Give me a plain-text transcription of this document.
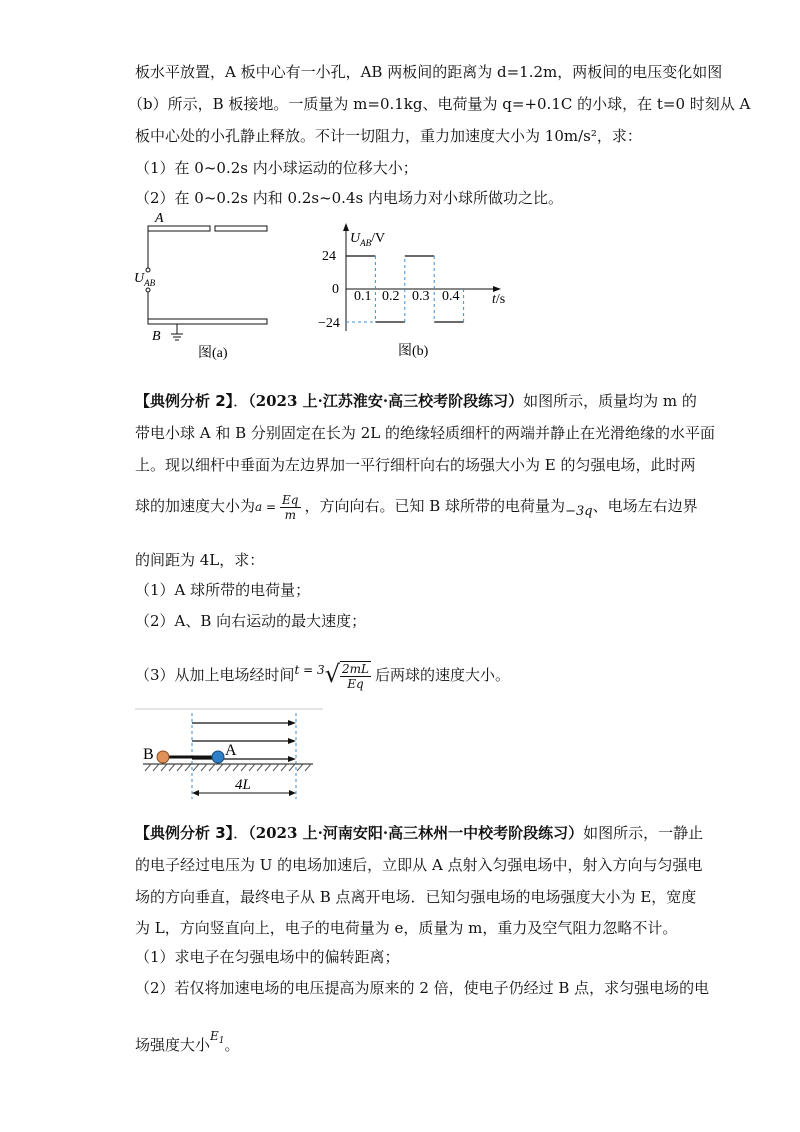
板水平放置，A 板中心有一小孔，AB 两板间的距离为 d=1.2m，两板间的电压变化如图
（b）所示，B 板接地。一质量为 m=0.1kg、电荷量为 q=+0.1C 的小球，在 t=0 时刻从 A
板中心处的小孔静止释放。不计一切阻力，重力加速度大小为 10m/s²，求：
（1）在 0~0.2s 内小球运动的位移大小；
（2）在 0~0.2s 内和 0.2s~0.4s 内电场力对小球所做功之比。
A
$U_{AB}$
B
图(a)
$U_{AB}/V$
t/s
24
0
−24
0.1 0.2 0.3 0.4
图(b)
【典例分析 2】．（2023 上·江苏淮安·高三校考阶段练习）如图所示，质量均为 m 的
带电小球 A 和 B 分别固定在长为 2L 的绝缘轻质细杆的两端并静止在光滑绝缘的水平面
上。现以细杆中垂面为左边界加一平行细杆向右的场强大小为 E 的匀强电场，此时两
球的加速度大小为$a = \frac{Eq}{m}$ ，方向向右。已知 B 球所带的电荷量为−3q、电场左右边界
的间距为 4L，求：
（1）A 球所带的电荷量；
（2）A、B 向右运动的最大速度；
（3）从加上电场经时间$^{t = 3}√ \frac{2mL}{Eq}$ 后两球的速度大小。
B	A
4L
【典例分析 3】．（2023 上·河南安阳·高三林州一中校考阶段练习）如图所示，一静止
的电子经过电压为 U 的电场加速后，立即从 A 点射入匀强电场中，射入方向与匀强电
场的方向垂直，最终电子从 B 点离开电场．已知匀强电场的电场强度大小为 E，宽度
为 L，方向竖直向上，电子的电荷量为 e，质量为 m，重力及空气阻力忽略不计。
（1）求电子在匀强电场中的偏转距离；
（2）若仅将加速电场的电压提高为原来的 2 倍，使电子仍经过 B 点，求匀强电场的电
场强度大小$^{E_1}$。
